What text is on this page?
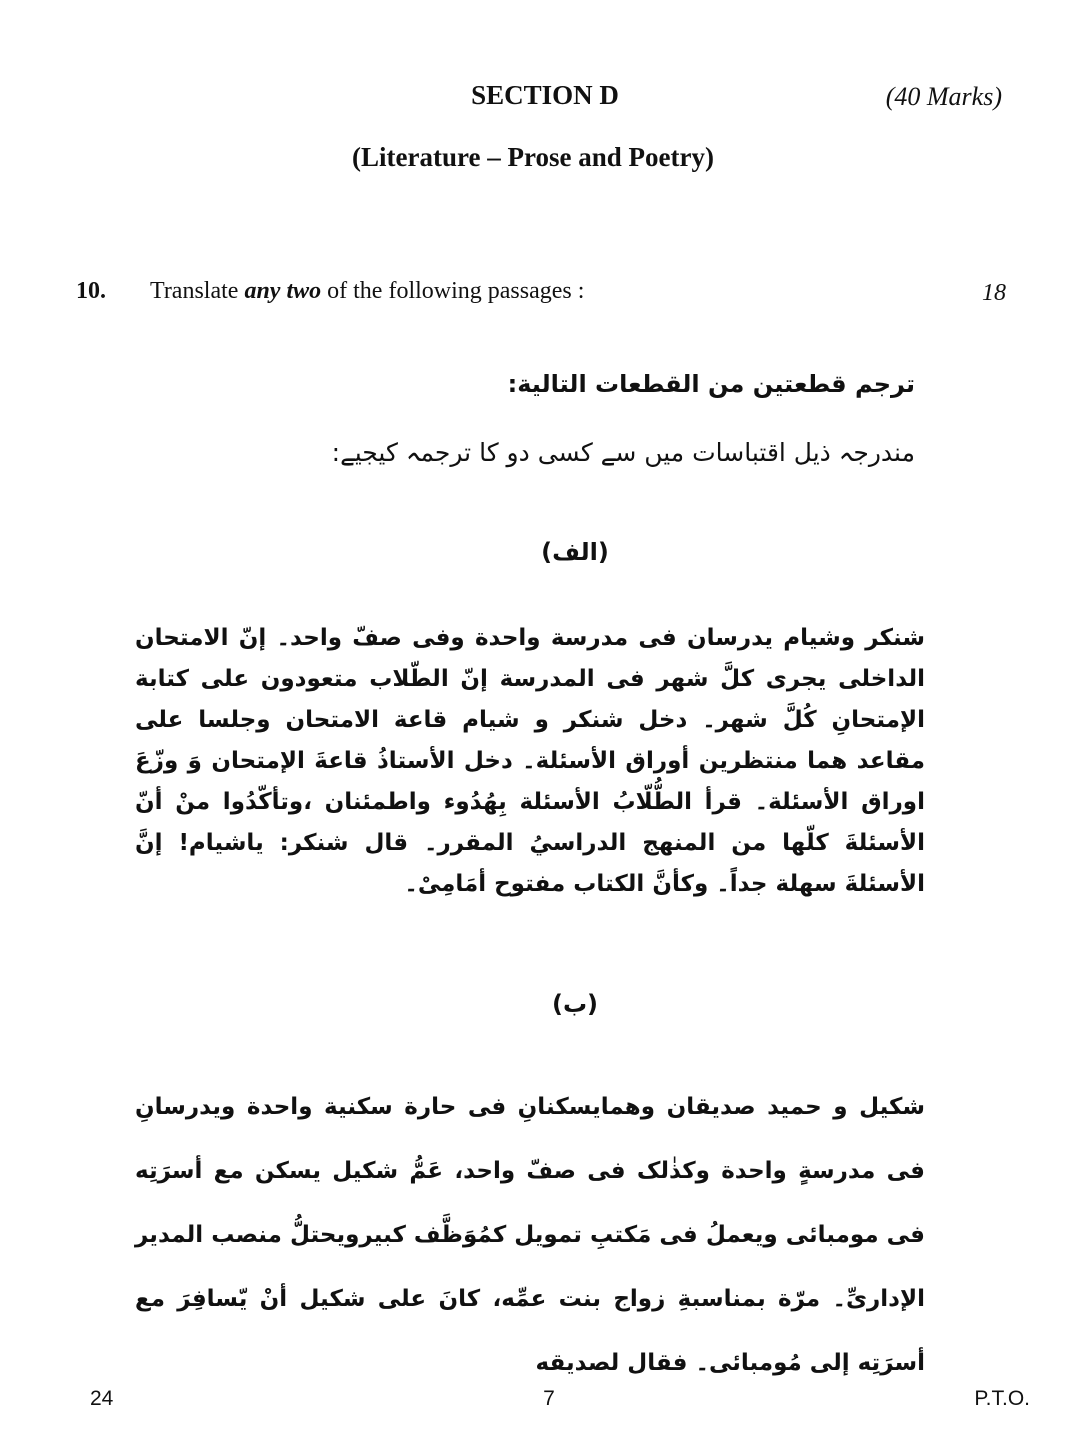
SECTION D	(40 Marks)
(Literature – Prose and Poetry)
10. Translate any two of the following passages :	18
ترجم قطعتين من القطعات التالية:
مندرجہ ذیل اقتباسات میں سے کسی دو کا ترجمہ کیجیے:
(الف)

شنكر وشيام يدرسان فى مدرسة واحدة وفى صفّ واحد۔ إنّ الامتحان الداخلى يجرى كلَّ شهر فى المدرسة إنّ الطّلاب متعودون على كتابة الإمتحانِ كُلَّ شهر۔ دخل شنكر و شيام قاعة الامتحان وجلسا على مقاعد هما منتظرين أوراق الأسئلة۔ دخل الأستاذُ قاعةَ الإمتحان وَ وزّعَ اوراق الأسئلة۔ قرأ الطُّلّابُ الأسئلة بِهُدُوء واطمئنان ،وتأكّدُوا منْ أنّ الأسئلةَ كلّها من المنهج الدراسيُ المقرر۔ قال شنكر: ياشيام! إنَّ الأسئلةَ سهلة جداً۔ وكأنَّ الكتاب مفتوح أمَامِىْ۔

(ب)

شكيل و حميد صديقان وهمايسكنانِ فى حارة سكنية واحدة ويدرسانِ فى مدرسةٍ واحدة وكذٰلک فى صفّ واحد، عَمُّ شكيل يسكن مع أسرَتِه فى مومبائى ويعملُ فى مَكتبِ تمويل كمُوَظَّف كبيرويحتلُّ منصب المدير الإدارىِّ۔ مرّة بمناسبةِ زواج بنت عمِّه، كانَ على شكيل أنْ يّسافِرَ مع أسرَتِه إلى مُومبائى۔ فقال لصديقه

24	7	P.T.O.
